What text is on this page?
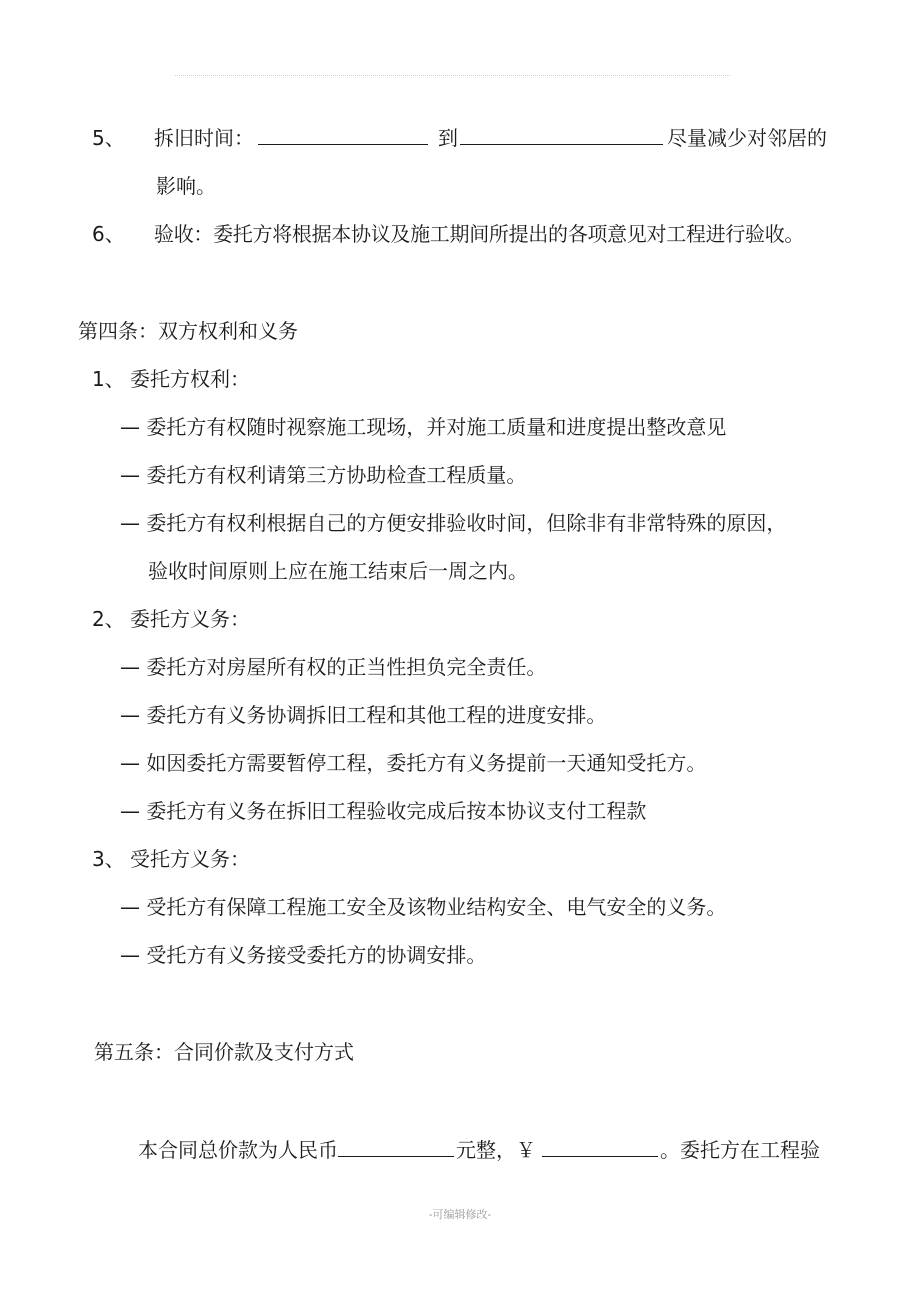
5、 拆旧时间：	到	尽量减少对邻居的
影响。
6、 验收：委托方将根据本协议及施工期间所提出的各项意见对工程进行验收。
第四条：双方权利和义务
1、 委托方权利：
— 委托方有权随时视察施工现场，并对施工质量和进度提出整改意见
— 委托方有权利请第三方协助检查工程质量。
— 委托方有权利根据自己的方便安排验收时间，但除非有非常特殊的原因，
验收时间原则上应在施工结束后一周之内。
2、 委托方义务：
— 委托方对房屋所有权的正当性担负完全责任。
— 委托方有义务协调拆旧工程和其他工程的进度安排。
— 如因委托方需要暂停工程，委托方有义务提前一天通知受托方。
— 委托方有义务在拆旧工程验收完成后按本协议支付工程款
3、 受托方义务：
— 受托方有保障工程施工安全及该物业结构安全、电气安全的义务。
— 受托方有义务接受委托方的协调安排。
第五条：合同价款及支付方式
本合同总价款为人民币	元整，￥	。委托方在工程验
-可编辑修改-
